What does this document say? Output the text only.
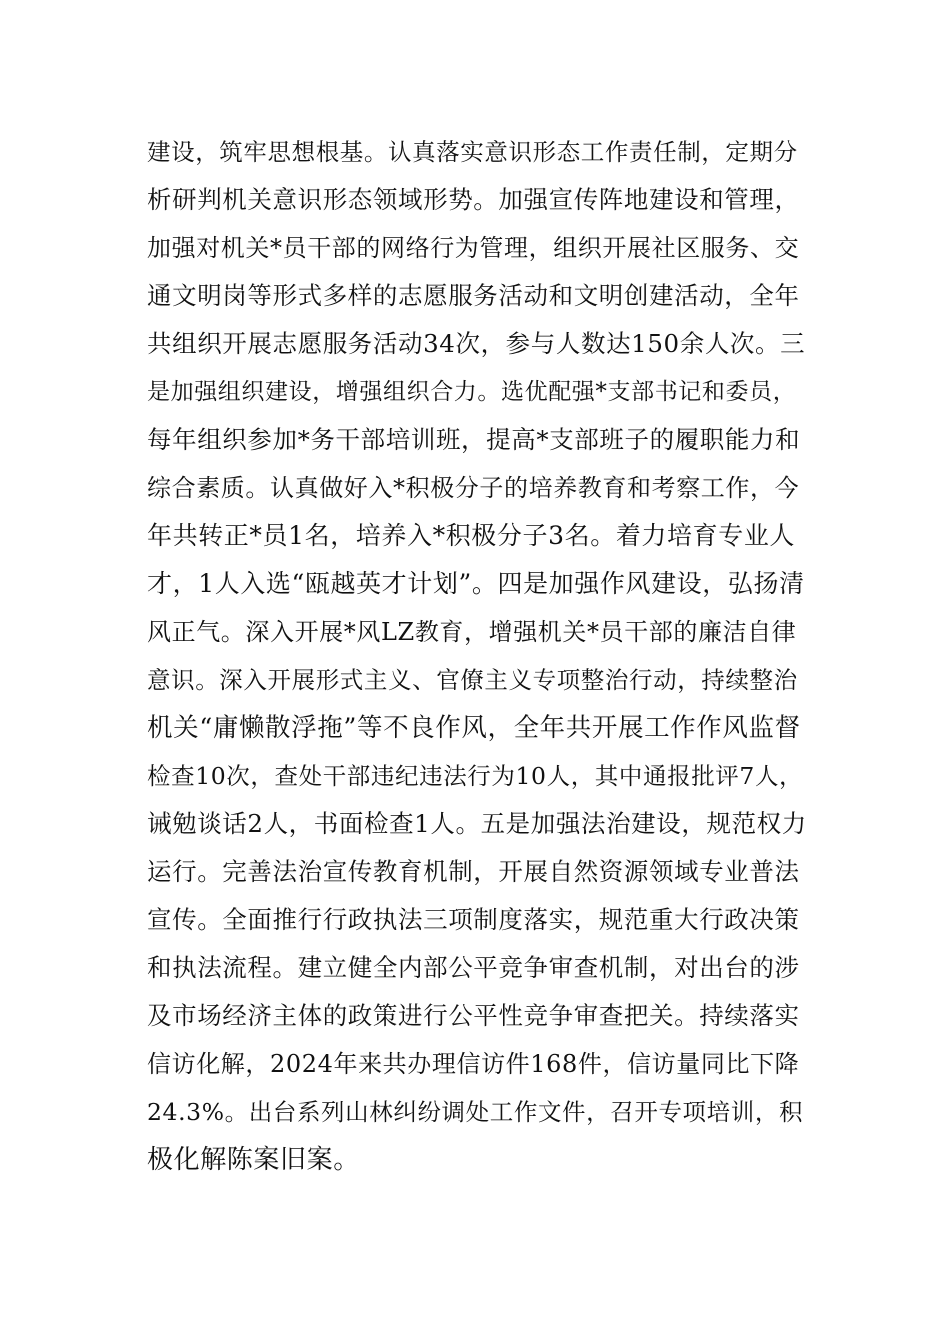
建设，筑牢思想根基。认真落实意识形态工作责任制，定期分
析研判机关意识形态领域形势。加强宣传阵地建设和管理，
加强对机关*员干部的网络行为管理，组织开展社区服务、交
通文明岗等形式多样的志愿服务活动和文明创建活动，全年
共组织开展志愿服务活动34次，参与人数达150余人次。三
是加强组织建设，增强组织合力。选优配强*支部书记和委员，
每年组织参加*务干部培训班，提高*支部班子的履职能力和
综合素质。认真做好入*积极分子的培养教育和考察工作，今
年共转正*员1名，培养入*积极分子3名。着力培育专业人
才，1人入选“瓯越英才计划”。四是加强作风建设，弘扬清
风正气。深入开展*风LZ教育，增强机关*员干部的廉洁自律
意识。深入开展形式主义、官僚主义专项整治行动，持续整治
机关“庸懒散浮拖”等不良作风，全年共开展工作作风监督
检查10次，查处干部违纪违法行为10人，其中通报批评7人，
诫勉谈话2人，书面检查1人。五是加强法治建设，规范权力
运行。完善法治宣传教育机制，开展自然资源领域专业普法
宣传。全面推行行政执法三项制度落实，规范重大行政决策
和执法流程。建立健全内部公平竞争审查机制，对出台的涉
及市场经济主体的政策进行公平性竞争审查把关。持续落实
信访化解，2024年来共办理信访件168件，信访量同比下降
24.3%。出台系列山林纠纷调处工作文件，召开专项培训，积
极化解陈案旧案。
